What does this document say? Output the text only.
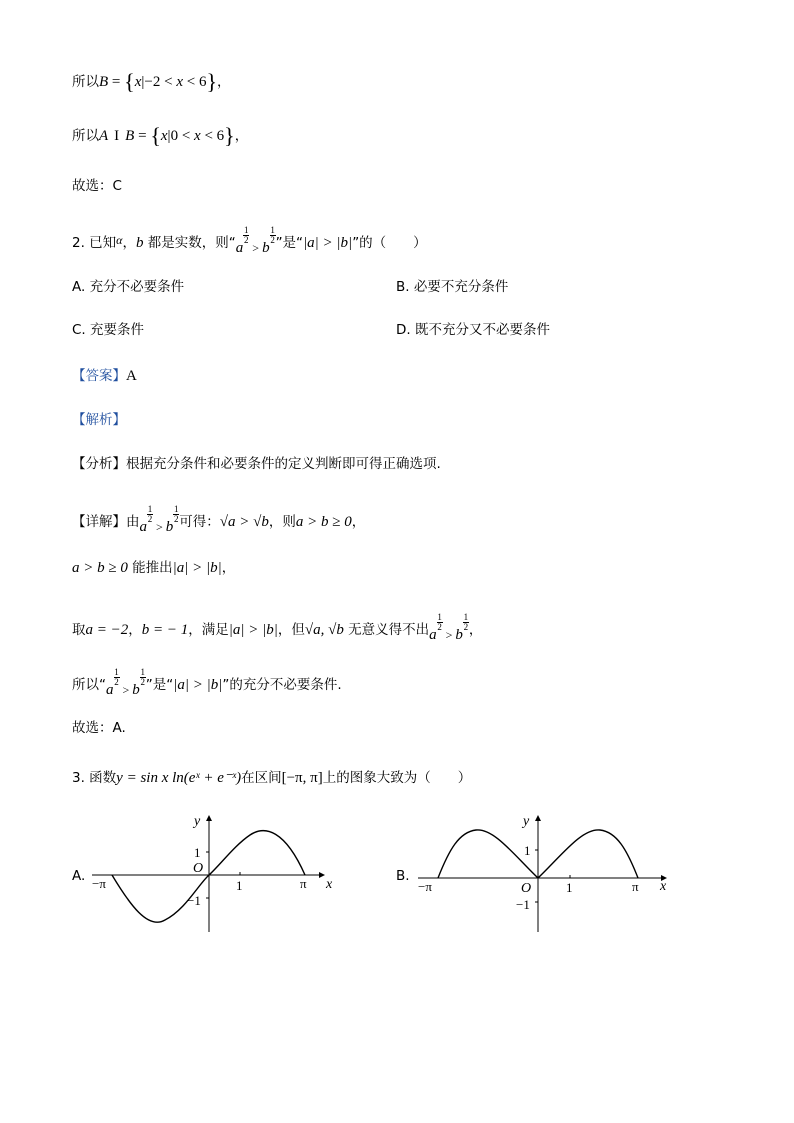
所以B = {x|−2 < x < 6}，
所以A I B = {x|0 < x < 6}，
故选：C
2. 已知α，b 都是实数，则“a
$\frac{1}{2}$
> b
$\frac{1}{2}$ ”是“|a| > |b|”的（　　）
A. 充分不必要条件	B. 必要不充分条件
C. 充要条件	D. 既不充分又不必要条件
【答案】A
【解析】
【分析】根据充分条件和必要条件的定义判断即可得正确选项.
【详解】由a
$\frac{1}{2}$
> b
$\frac{1}{2}$ 可得：√a > √b，则a > b ≥ 0，
a > b ≥ 0 能推出|a| > |b|，
取a = −2，b = − 1，满足|a| > |b|，但√a, √b 无意义得不出a
$\frac{1}{2}$
> b
$\frac{1}{2}$ ，
所以“a
$\frac{1}{2}$
> b
$\frac{1}{2}$ ”是“|a| > |b|”的充分不必要条件.
故选：A.
3. 函数y = sin x ln(eˣ + e⁻ˣ)在区间[−π, π]上的图象大致为（　　）
A.
y
x
O
1
−1
1	π
−π	B.
y
x
O
1
−1
1	π
−π
